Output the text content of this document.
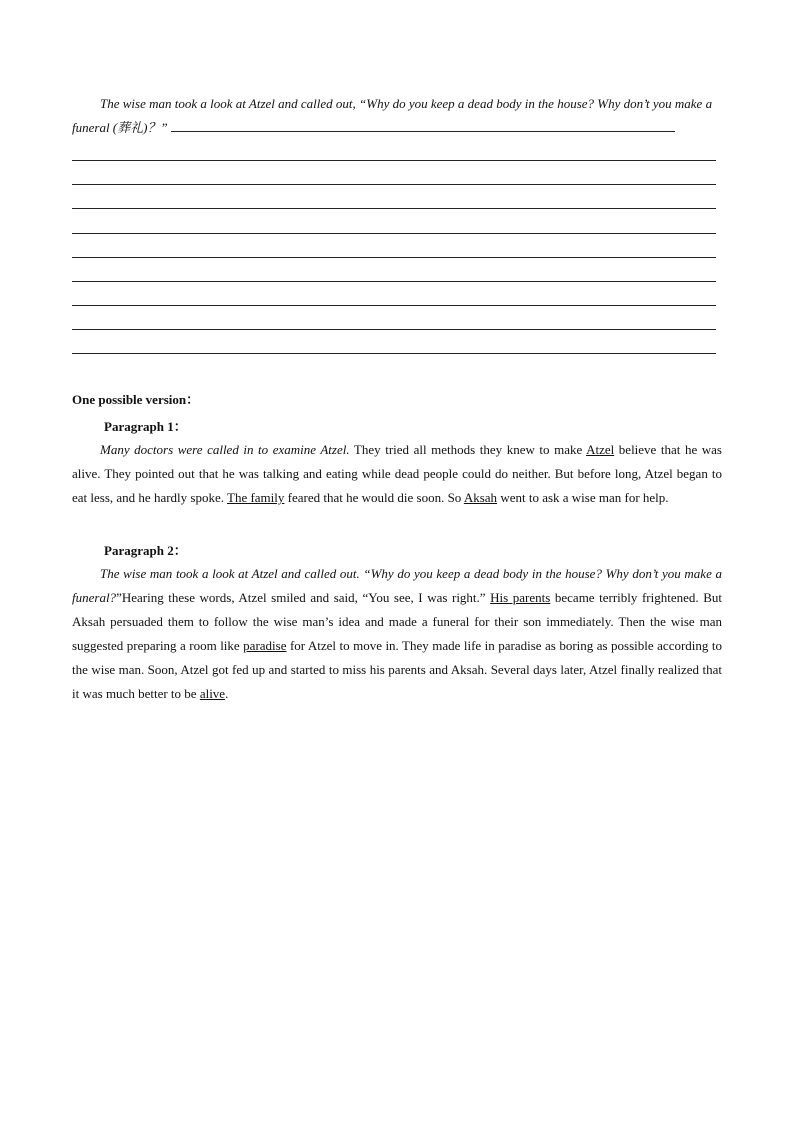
The wise man took a look at Atzel and called out, “Why do you keep a dead body in the house? Why don’t you make a funeral (葬礼)？”

One possible version：

Paragraph 1：

Many doctors were called in to examine Atzel. They tried all methods they knew to make Atzel believe that he was alive. They pointed out that he was talking and eating while dead people could do neither. But before long, Atzel began to eat less, and he hardly spoke. The family feared that he would die soon. So Aksah went to ask a wise man for help.

Paragraph 2：

The wise man took a look at Atzel and called out. “Why do you keep a dead body in the house? Why don’t you make a funeral?”Hearing these words, Atzel smiled and said, “You see, I was right.” His parents became terribly frightened. But Aksah persuaded them to follow the wise man’s idea and made a funeral for their son immediately. Then the wise man suggested preparing a room like paradise for Atzel to move in. They made life in paradise as boring as possible according to the wise man. Soon, Atzel got fed up and started to miss his parents and Aksah. Several days later, Atzel finally realized that it was much better to be alive.
